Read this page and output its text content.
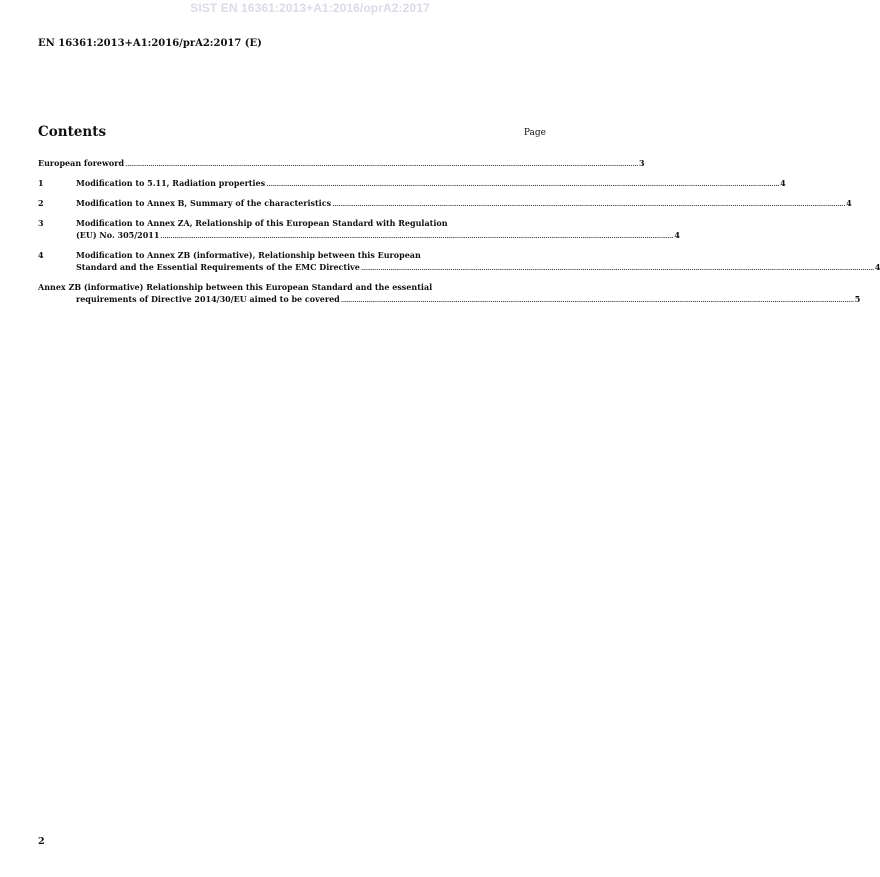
SIST EN 16361:2013+A1:2016/oprA2:2017
EN 16361:2013+A1:2016/prA2:2017 (E)
Contents	Page
European foreword ........................................................................................................................................................................................................................................................................ 3
1	Modification to 5.11, Radiation properties ........................................................................................................................................................................................................................................................................ 4
2	Modification to Annex B, Summary of the characteristics ........................................................................................................................................................................................................................................................................ 4
3	Modification to Annex ZA, Relationship of this European Standard with Regulation
(EU) No. 305/2011 ........................................................................................................................................................................................................................................................................ 4
4	Modification to Annex ZB (informative), Relationship between this European
Standard and the Essential Requirements of the EMC Directive ........................................................................................................................................................................................................................................................................ 4
Annex ZB (informative) Relationship between this European Standard and the essential
requirements of Directive 2014/30/EU aimed to be covered ........................................................................................................................................................................................................................................................................ 5
2
